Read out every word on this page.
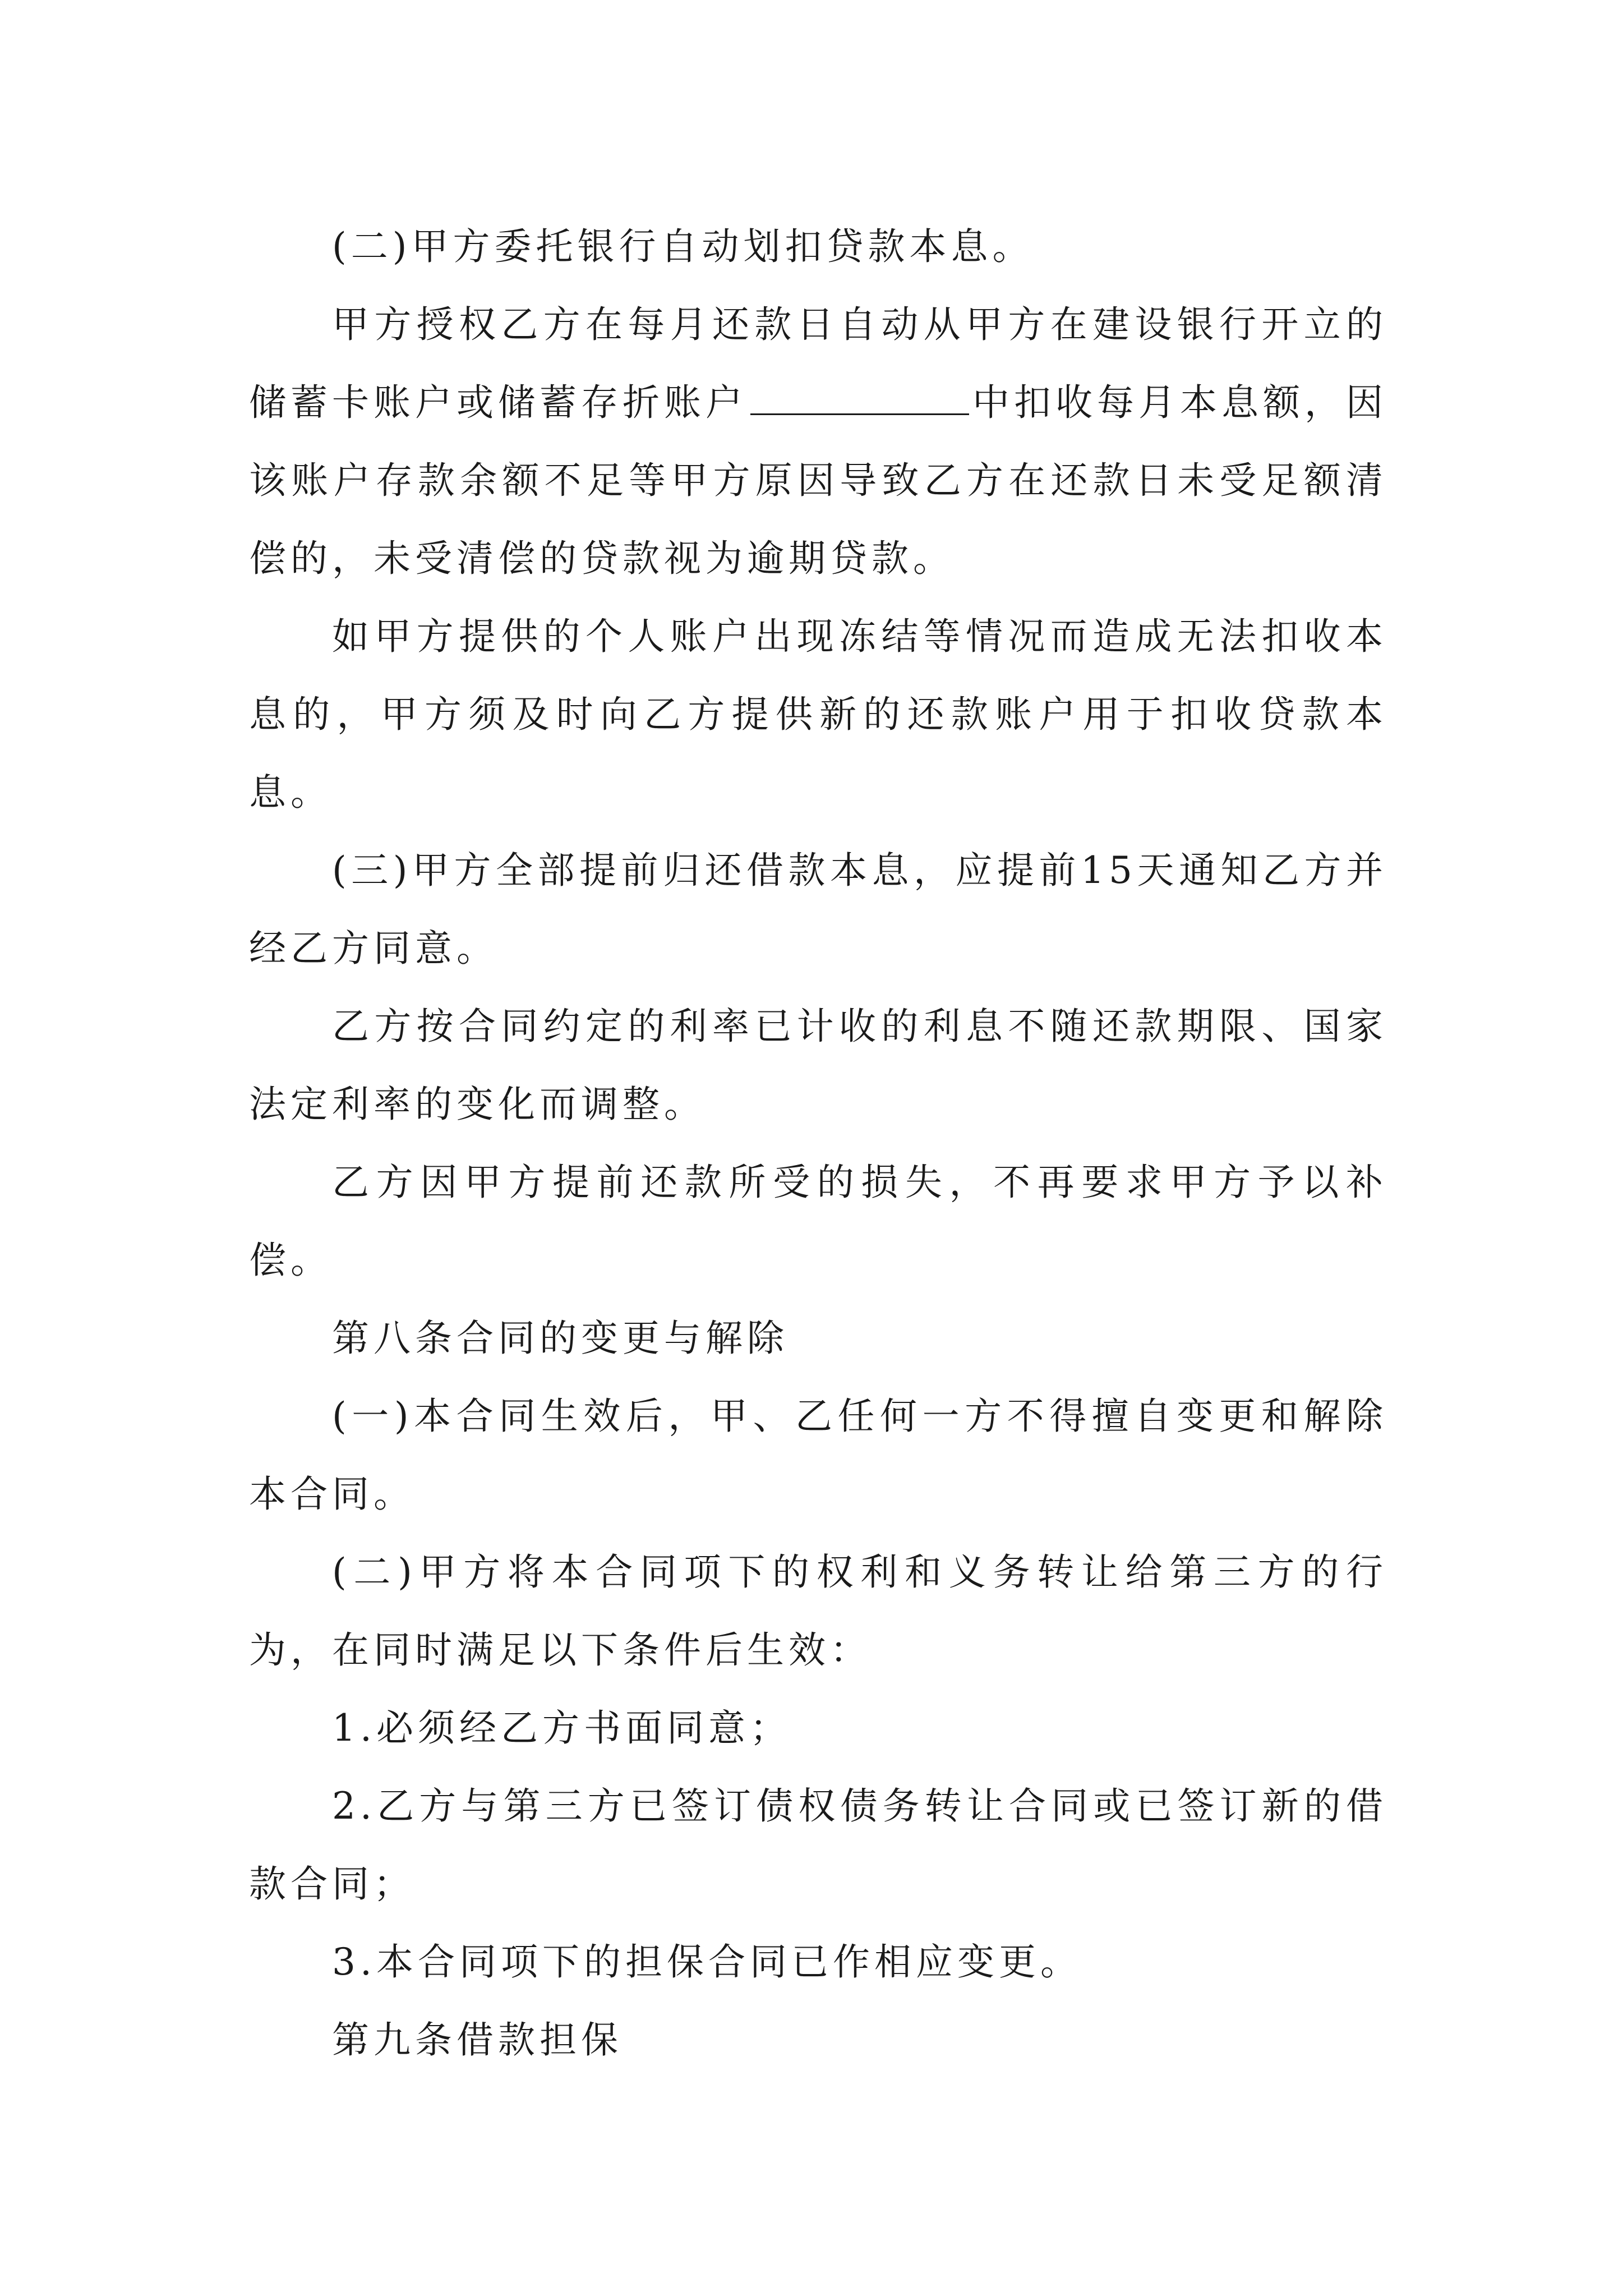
(二)甲方委托银行自动划扣贷款本息。

甲方授权乙方在每月还款日自动从甲方在建设银行开立的储蓄卡账户或储蓄存折账户	中扣收每月本息额，因该账户存款余额不足等甲方原因导致乙方在还款日未受足额清偿的，未受清偿的贷款视为逾期贷款。

如甲方提供的个人账户出现冻结等情况而造成无法扣收本息的，甲方须及时向乙方提供新的还款账户用于扣收贷款本息。

(三)甲方全部提前归还借款本息，应提前15天通知乙方并经乙方同意。

乙方按合同约定的利率已计收的利息不随还款期限、国家法定利率的变化而调整。

乙方因甲方提前还款所受的损失，不再要求甲方予以补偿。

第八条合同的变更与解除

(一)本合同生效后，甲、乙任何一方不得擅自变更和解除本合同。

(二)甲方将本合同项下的权利和义务转让给第三方的行为，在同时满足以下条件后生效：

1.必须经乙方书面同意；

2.乙方与第三方已签订债权债务转让合同或已签订新的借款合同；

3.本合同项下的担保合同已作相应变更。

第九条借款担保
